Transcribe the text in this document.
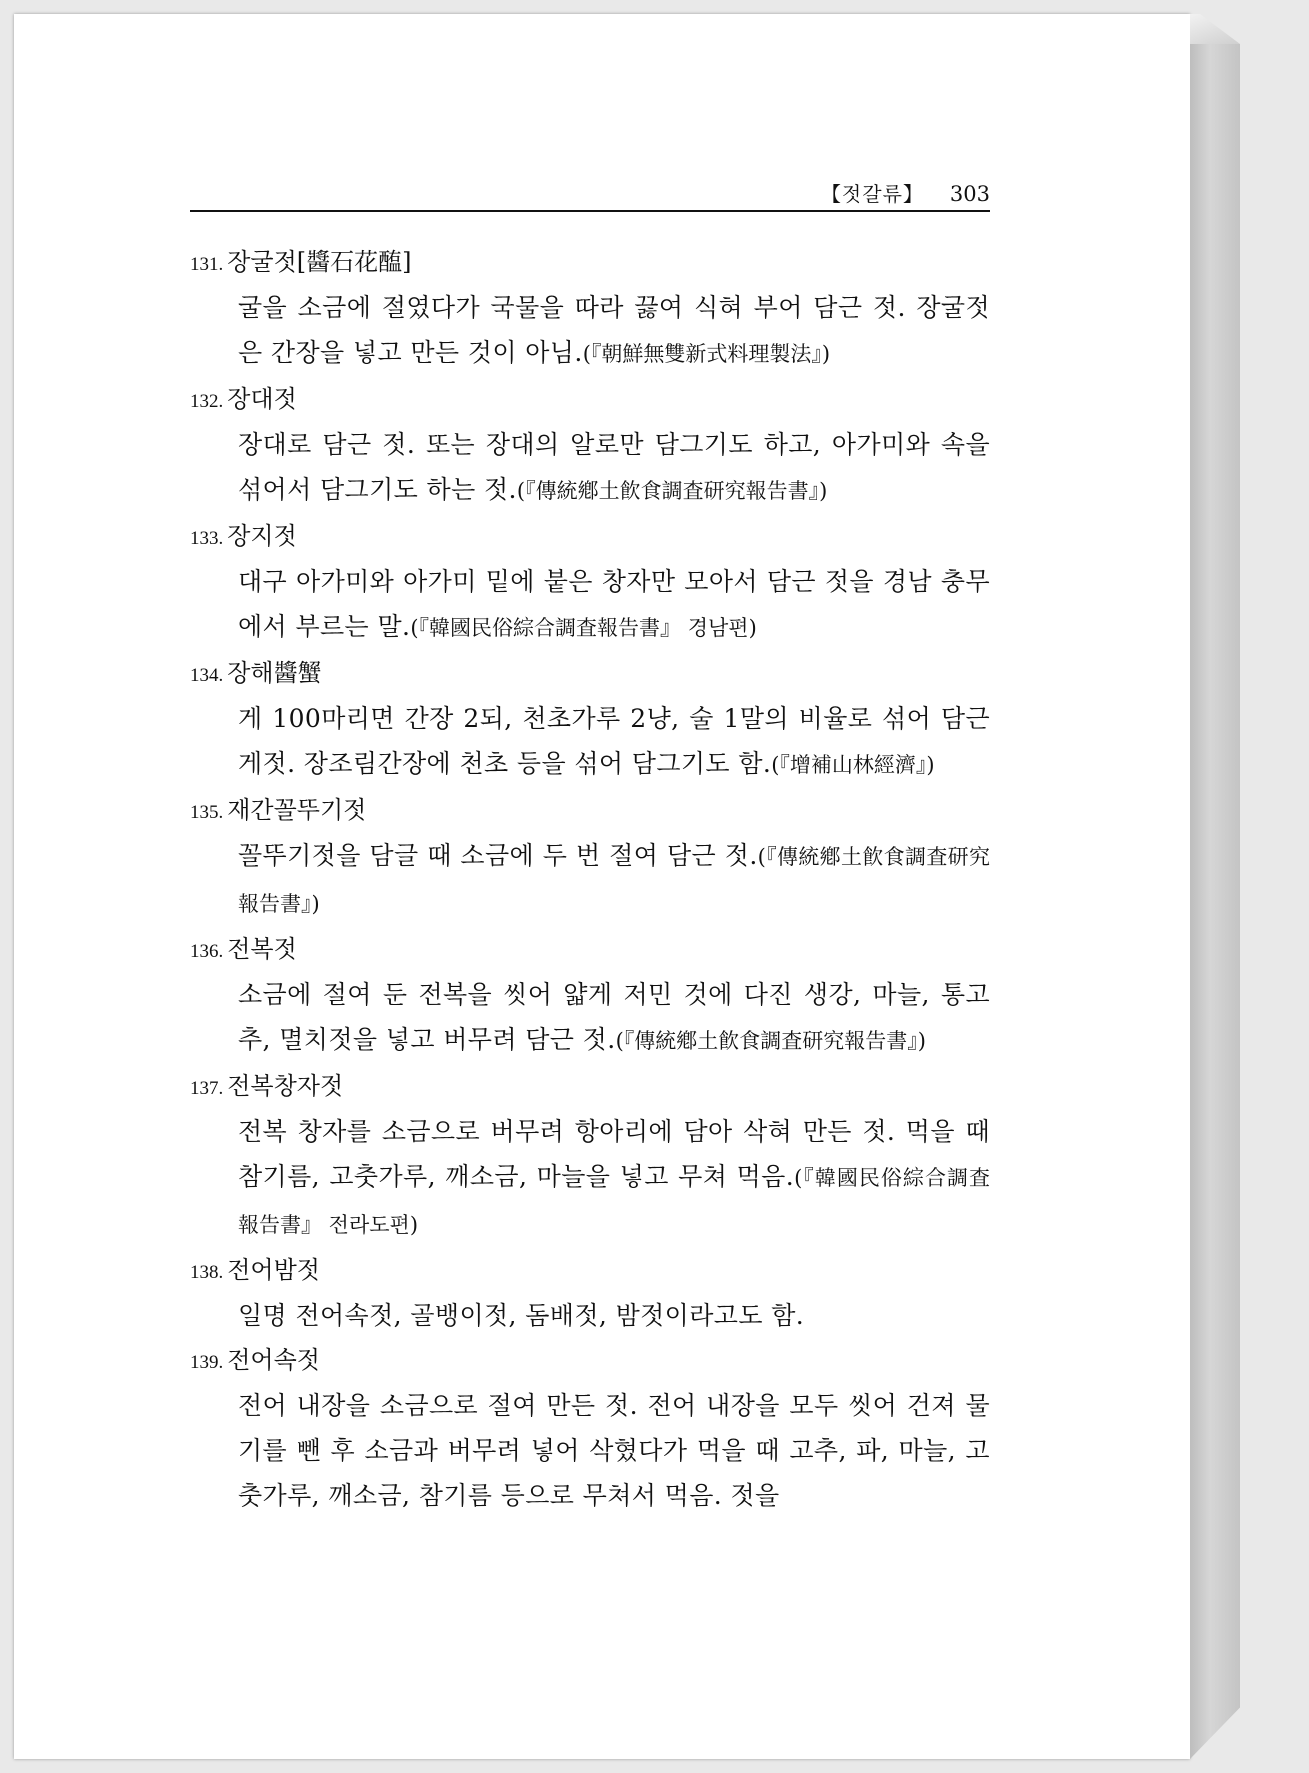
【젓갈류】 303
131. 장굴젓[醬石花醢]
굴을 소금에 절였다가 국물을 따라 끓여 식혀 부어 담근 젓. 장굴젓은 간장을 넣고 만든 것이 아님.(『朝鮮無雙新式料理製法』)
132. 장대젓
장대로 담근 젓. 또는 장대의 알로만 담그기도 하고, 아가미와 속을 섞어서 담그기도 하는 젓.(『傳統鄕土飮食調査研究報告書』)
133. 장지젓
대구 아가미와 아가미 밑에 붙은 창자만 모아서 담근 젓을 경남 충무에서 부르는 말.(『韓國民俗綜合調査報告書』 경남편)
134. 장해醬蟹
게 100마리면 간장 2되, 천초가루 2냥, 술 1말의 비율로 섞어 담근 게젓. 장조림간장에 천초 등을 섞어 담그기도 함.(『增補山林經濟』)
135. 재간꼴뚜기젓
꼴뚜기젓을 담글 때 소금에 두 번 절여 담근 젓.(『傳統鄕土飮食調査研究報告書』)
136. 전복젓
소금에 절여 둔 전복을 씻어 얇게 저민 것에 다진 생강, 마늘, 통고추, 멸치젓을 넣고 버무려 담근 젓.(『傳統鄕土飮食調査研究報告書』)
137. 전복창자젓
전복 창자를 소금으로 버무려 항아리에 담아 삭혀 만든 젓. 먹을 때 참기름, 고춧가루, 깨소금, 마늘을 넣고 무쳐 먹음.(『韓國民俗綜合調査報告書』 전라도편)
138. 전어밤젓
일명 전어속젓, 골뱅이젓, 돔배젓, 밤젓이라고도 함.
139. 전어속젓
전어 내장을 소금으로 절여 만든 젓. 전어 내장을 모두 씻어 건져 물기를 뺀 후 소금과 버무려 넣어 삭혔다가 먹을 때 고추, 파, 마늘, 고춧가루, 깨소금, 참기름 등으로 무쳐서 먹음. 젓을
